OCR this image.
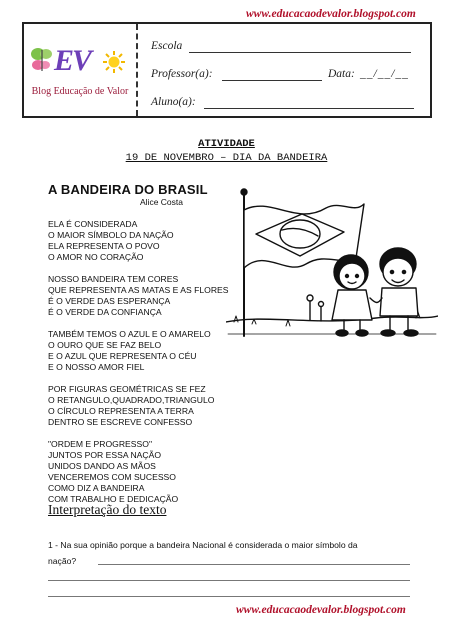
www.educacaodevalor.blogspot.com
EV
Blog Educação de Valor
Escola
Professor(a):	Data: __/__/__
Aluno(a):
ATIVIDADE
19 DE NOVEMBRO – DIA DA BANDEIRA
A BANDEIRA DO BRASIL
Alice Costa
ELA É CONSIDERADA
O MAIOR SÍMBOLO DA NAÇÃO
ELA REPRESENTA O POVO
O AMOR NO CORAÇÃO
NOSSO BANDEIRA TEM CORES
QUE REPRESENTA AS MATAS E AS FLORES
É O VERDE DAS ESPERANÇA
É O VERDE DA CONFIANÇA
TAMBÉM TEMOS O AZUL E O AMARELO
O OURO QUE SE FAZ BELO
E O AZUL QUE REPRESENTA O CÉU
E O NOSSO AMOR FIEL
POR FIGURAS GEOMÉTRICAS SE FEZ
O RETANGULO,QUADRADO,TRIANGULO
O CÍRCULO REPRESENTA A TERRA
DENTRO SE ESCREVE CONFESSO
"ORDEM E PROGRESSO"
JUNTOS POR ESSA NAÇÃO
UNIDOS DANDO AS MÃOS
VENCEREMOS COM SUCESSO
COMO DIZ A BANDEIRA
COM TRABALHO E DEDICAÇÃO
Interpretação do texto
1 - Na sua opinião porque a bandeira Nacional é considerada o maior símbolo da
nação?
www.educacaodevalor.blogspot.com
